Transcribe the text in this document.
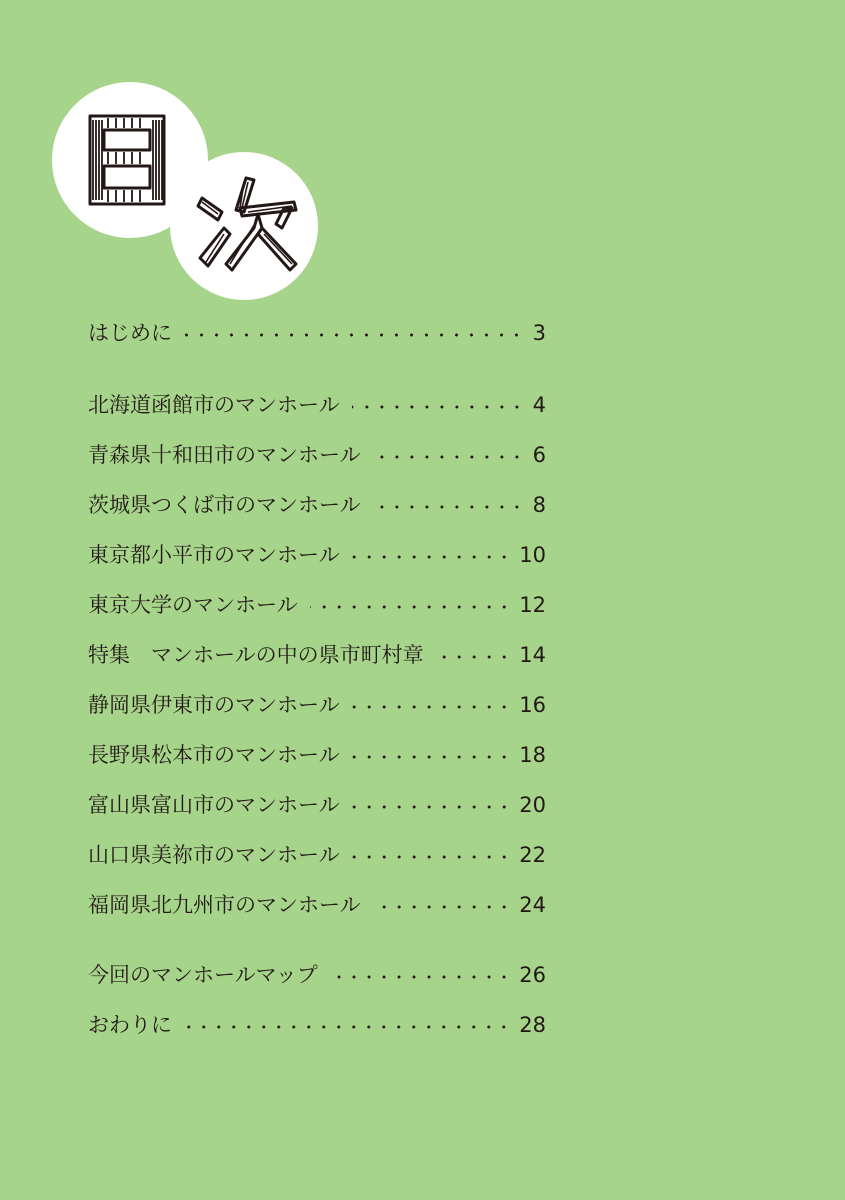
はじめに	3
北海道函館市のマンホール	4
青森県十和田市のマンホール	6
茨城県つくば市のマンホール	8
東京都小平市のマンホール	10
東京大学のマンホール	12
特集　マンホールの中の県市町村章	14
静岡県伊東市のマンホール	16
長野県松本市のマンホール	18
富山県富山市のマンホール	20
山口県美祢市のマンホール	22
福岡県北九州市のマンホール	24
今回のマンホールマップ	26
おわりに	28
